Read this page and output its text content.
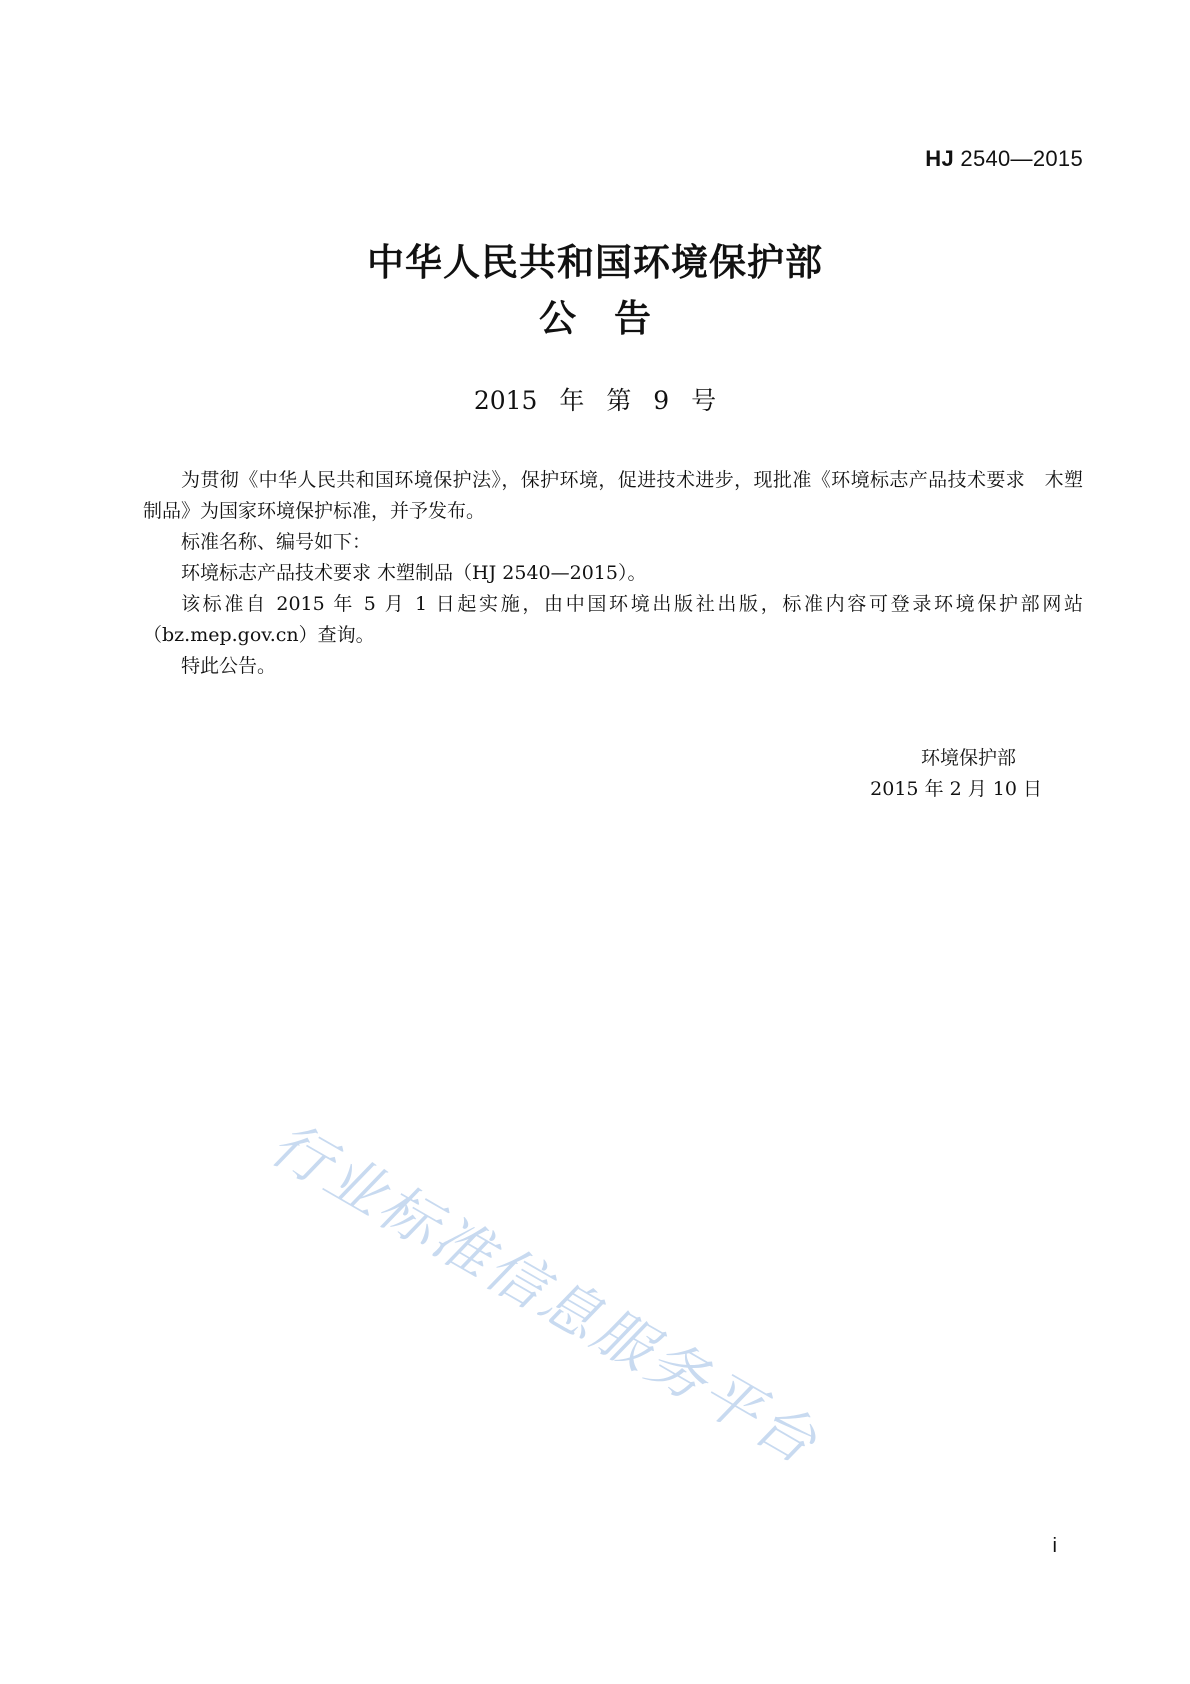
HJ 2540—2015
中华人民共和国环境保护部
公告
2015 年 第 9 号

为贯彻《中华人民共和国环境保护法》，保护环境，促进技术进步，现批准《环境标志产品技术要求　木塑制品》为国家环境保护标准，并予发布。

标准名称、编号如下：

环境标志产品技术要求 木塑制品（HJ 2540—2015）。

该标准自 2015 年 5 月 1 日起实施，由中国环境出版社出版，标准内容可登录环境保护部网站（bz.mep.gov.cn）查询。

特此公告。

环境保护部
2015 年 2 月 10 日
行业标准信息服务平台
i
